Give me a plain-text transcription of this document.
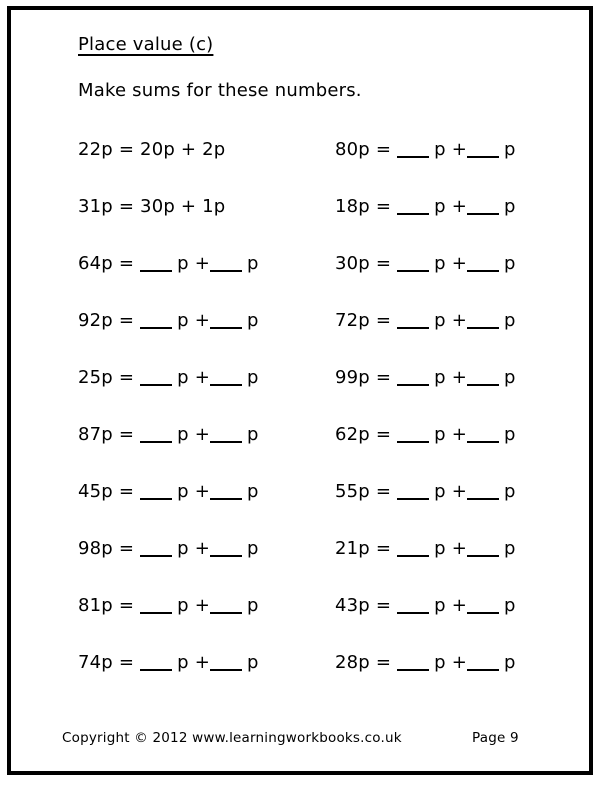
Place value (c)

Make sums for these numbers.

22p = 20p + 2p	80p = p + p
31p = 30p + 1p	18p = p + p
64p = p + p	30p = p + p
92p = p + p	72p = p + p
25p = p + p	99p = p + p
87p = p + p	62p = p + p
45p = p + p	55p = p + p
98p = p + p	21p = p + p
81p = p + p	43p = p + p
74p = p + p	28p = p + p
Copyright © 2012 www.learningworkbooks.co.uk	Page 9
